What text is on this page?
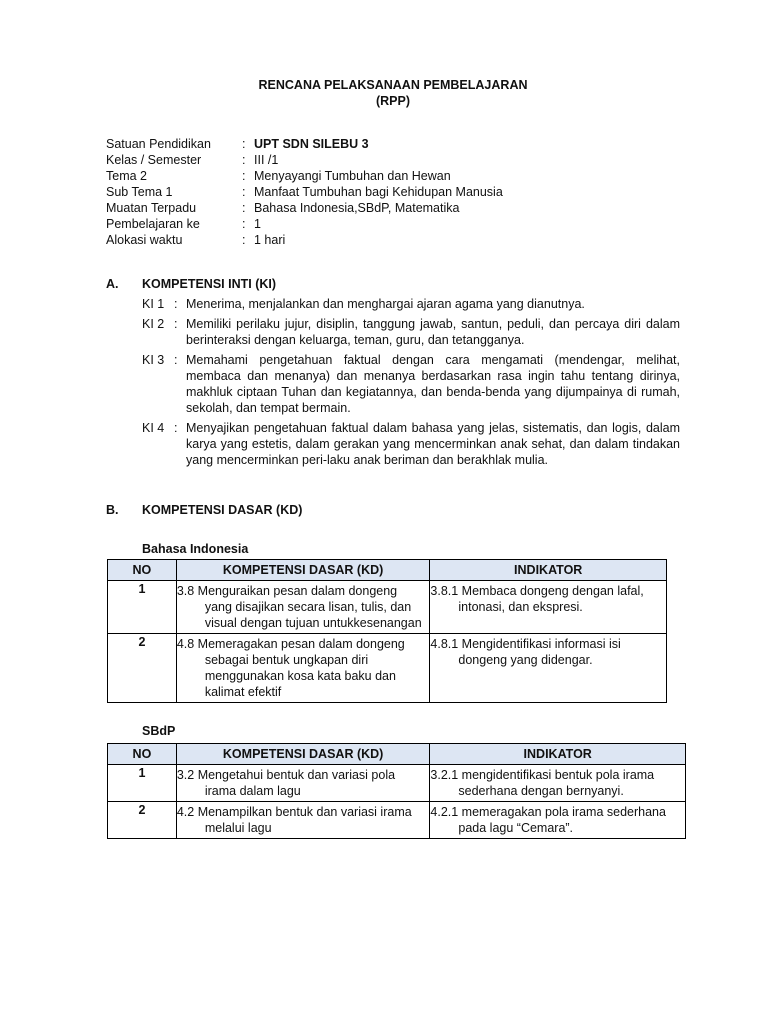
RENCANA PELAKSANAAN PEMBELAJARAN
(RPP)
Satuan Pendidikan	: UPT SDN SILEBU 3
Kelas / Semester	: III /1
Tema 2	: Menyayangi Tumbuhan dan Hewan
Sub Tema 1	: Manfaat Tumbuhan bagi Kehidupan Manusia
Muatan Terpadu	: Bahasa Indonesia,SBdP, Matematika
Pembelajaran ke	: 1
Alokasi waktu	: 1 hari
A.	KOMPETENSI INTI (KI)
KI 1 : Menerima, menjalankan dan menghargai ajaran agama yang dianutnya.
KI 2 : Memiliki perilaku jujur, disiplin, tanggung jawab, santun, peduli, dan percaya diri dalam berinteraksi dengan keluarga, teman, guru, dan tetangganya.
KI 3 : Memahami pengetahuan faktual dengan cara mengamati (mendengar, melihat, membaca dan menanya) dan menanya berdasarkan rasa ingin tahu tentang dirinya, makhluk ciptaan Tuhan dan kegiatannya, dan benda-benda yang dijumpainya di rumah, sekolah, dan tempat bermain.
KI 4 : Menyajikan pengetahuan faktual dalam bahasa yang jelas, sistematis, dan logis, dalam karya yang estetis, dalam gerakan yang mencerminkan anak sehat, dan dalam tindakan yang mencerminkan peri-laku anak beriman dan berakhlak mulia.
B.	KOMPETENSI DASAR (KD)
Bahasa Indonesia
NO	KOMPETENSI DASAR (KD)	INDIKATOR
1	3.8 Menguraikan pesan dalam dongeng yang disajikan secara lisan, tulis, dan visual dengan tujuan untukkesenangan	3.8.1 Membaca dongeng dengan lafal, intonasi, dan ekspresi.

2	4.8 Memeragakan pesan dalam dongeng sebagai bentuk ungkapan diri menggunakan kosa kata baku dan kalimat efektif	4.8.1 Mengidentifikasi informasi isi dongeng yang didengar.
SBdP
NO	KOMPETENSI DASAR (KD)	INDIKATOR
1	3.2 Mengetahui bentuk dan variasi pola irama dalam lagu	3.2.1 mengidentifikasi bentuk pola irama sederhana dengan bernyanyi.

2	4.2 Menampilkan bentuk dan variasi irama melalui lagu	4.2.1 memeragakan pola irama sederhana pada lagu “Cemara”.
